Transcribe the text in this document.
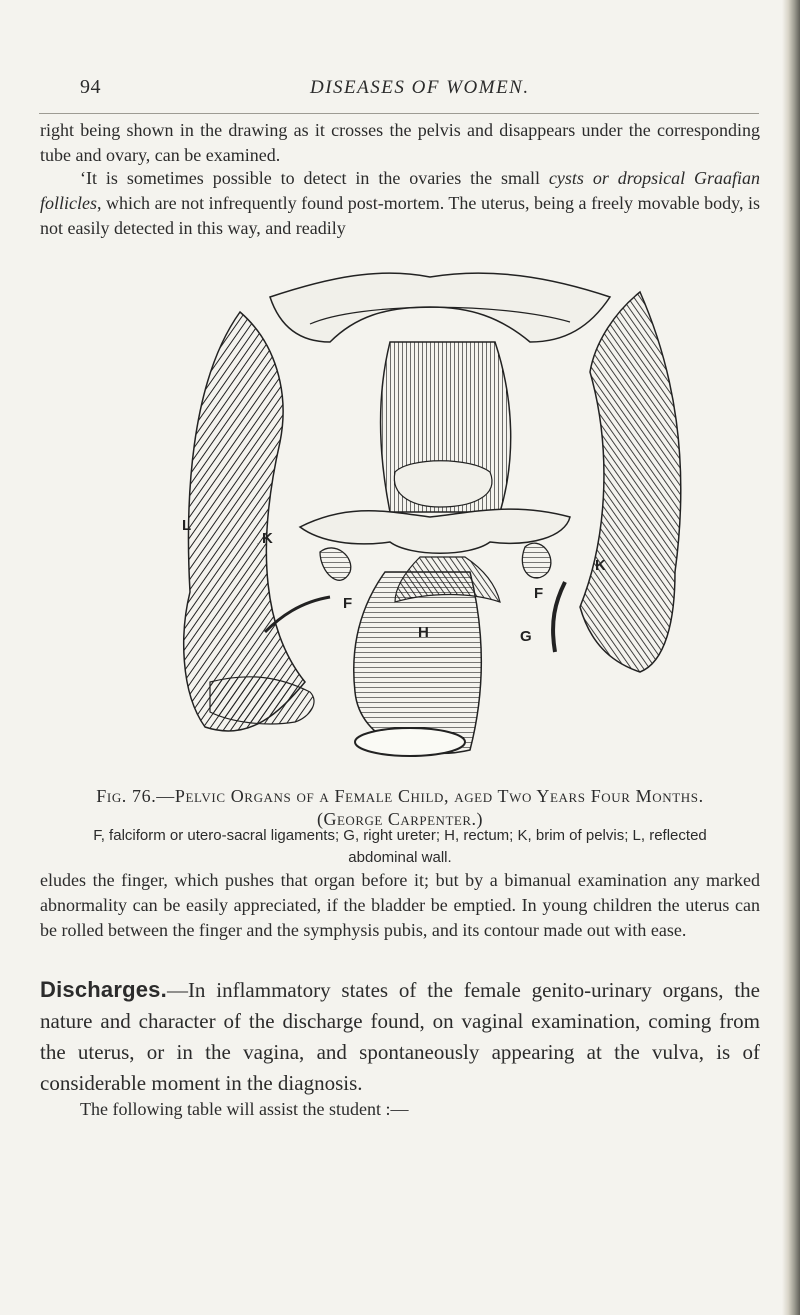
94	DISEASES OF WOMEN.
right being shown in the drawing as it crosses the pelvis and disappears under the corresponding tube and ovary, can be examined.
‘It is sometimes possible to detect in the ovaries the small cysts or dropsical Graafian follicles, which are not infrequently found post-mortem. The uterus, being a freely movable body, is not easily detected in this way, and readily
L
K
K
F
F
H	G
Fig. 76.—Pelvic Organs of a Female Child, aged Two Years Four Months.
(George Carpenter.)
F, falciform or utero-sacral ligaments; G, right ureter; H, rectum; K, brim of pelvis; L, reflected abdominal wall.
eludes the finger, which pushes that organ before it; but by a bimanual examination any marked abnormality can be easily appreciated, if the bladder be emptied. In young children the uterus can be rolled between the finger and the symphysis pubis, and its contour made out with ease.
Discharges.—In inflammatory states of the female genito-urinary organs, the nature and character of the discharge found, on vaginal examination, coming from the uterus, or in the vagina, and spontaneously appearing at the vulva, is of considerable moment in the diagnosis.
The following table will assist the student :—
